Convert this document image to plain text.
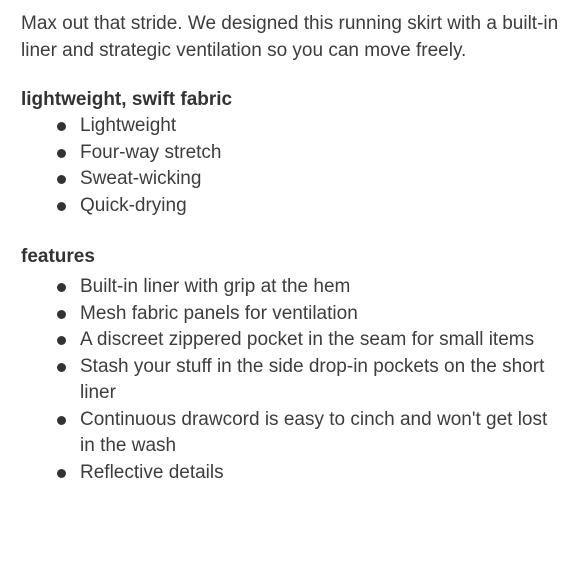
Max out that stride. We designed this running skirt with a built-in liner and strategic ventilation so you can move freely.

lightweight, swift fabric
Lightweight
Four-way stretch
Sweat-wicking
Quick-drying
features
Built-in liner with grip at the hem
Mesh fabric panels for ventilation
A discreet zippered pocket in the seam for small items
Stash your stuff in the side drop-in pockets on the short liner
Continuous drawcord is easy to cinch and won't get lost in the wash
Reflective details
